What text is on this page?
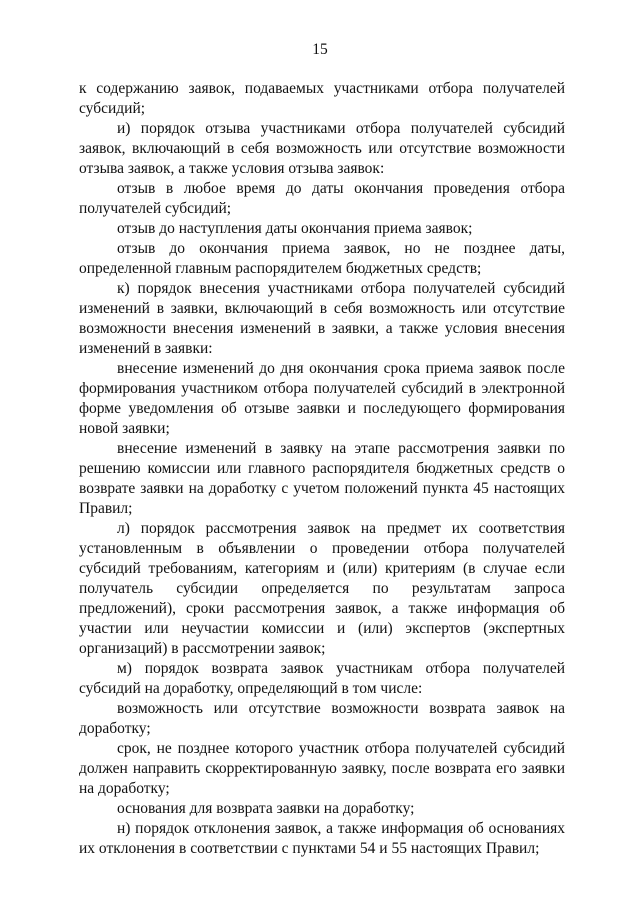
15

к содержанию заявок, подаваемых участниками отбора получателей субсидий;

и) порядок отзыва участниками отбора получателей субсидий заявок, включающий в себя возможность или отсутствие возможности отзыва заявок, а также условия отзыва заявок:

отзыв в любое время до даты окончания проведения отбора получателей субсидий;

отзыв до наступления даты окончания приема заявок;

отзыв до окончания приема заявок, но не позднее даты, определенной главным распорядителем бюджетных средств;

к) порядок внесения участниками отбора получателей субсидий изменений в заявки, включающий в себя возможность или отсутствие возможности внесения изменений в заявки, а также условия внесения изменений в заявки:

внесение изменений до дня окончания срока приема заявок после формирования участником отбора получателей субсидий в электронной форме уведомления об отзыве заявки и последующего формирования новой заявки;

внесение изменений в заявку на этапе рассмотрения заявки по решению комиссии или главного распорядителя бюджетных средств о возврате заявки на доработку с учетом положений пункта 45 настоящих Правил;

л) порядок рассмотрения заявок на предмет их соответствия установленным в объявлении о проведении отбора получателей субсидий требованиям, категориям и (или) критериям (в случае если получатель субсидии определяется по результатам запроса предложений), сроки рассмотрения заявок, а также информация об участии или неучастии комиссии и (или) экспертов (экспертных организаций) в рассмотрении заявок;

м) порядок возврата заявок участникам отбора получателей субсидий на доработку, определяющий в том числе:

возможность или отсутствие возможности возврата заявок на доработку;

срок, не позднее которого участник отбора получателей субсидий должен направить скорректированную заявку, после возврата его заявки на доработку;

основания для возврата заявки на доработку;

н) порядок отклонения заявок, а также информация об основаниях их отклонения в соответствии с пунктами 54 и 55 настоящих Правил;
